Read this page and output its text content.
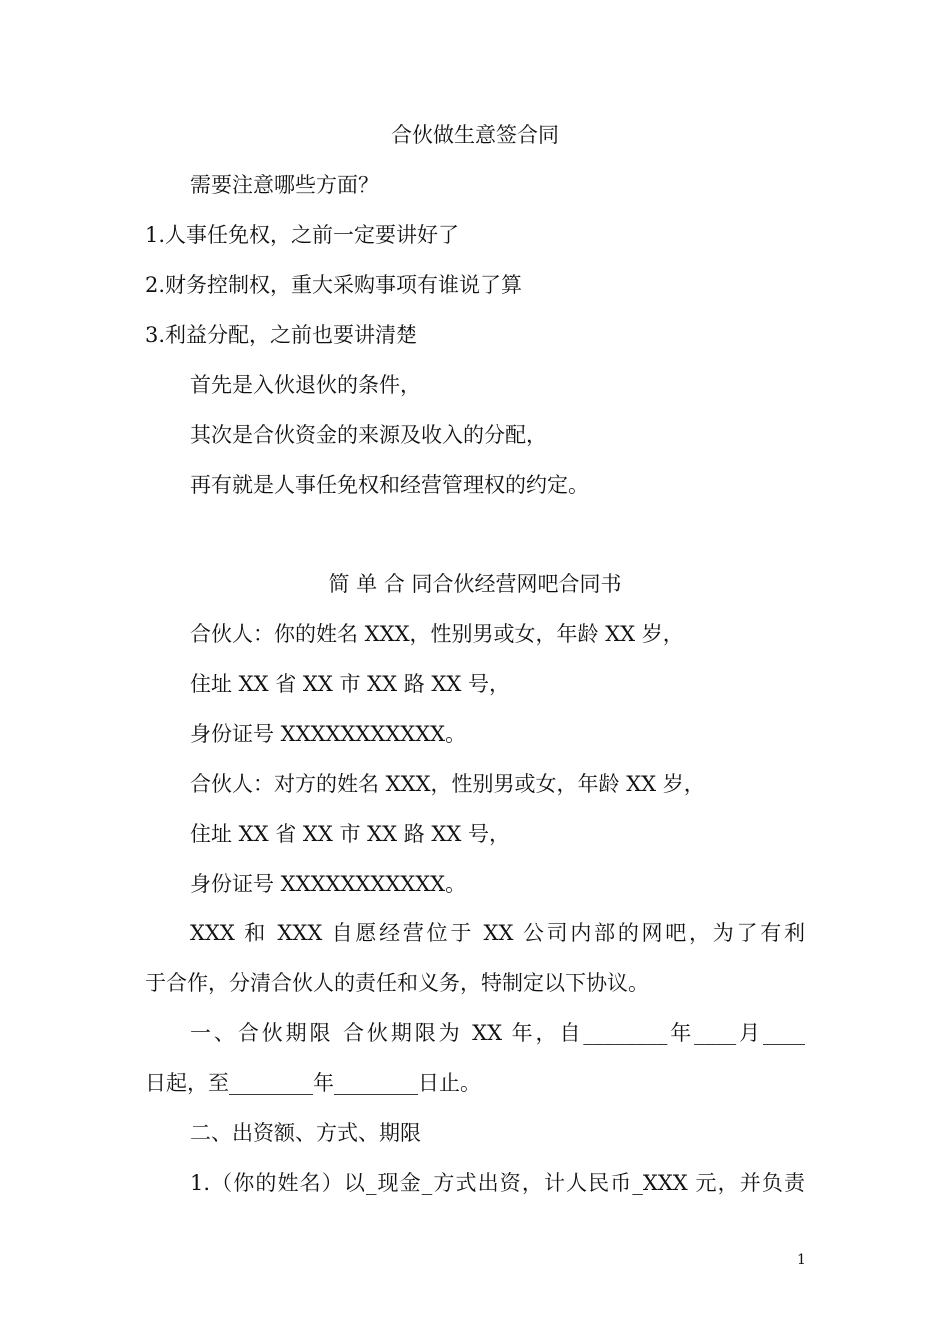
合伙做生意签合同

需要注意哪些方面？

1.人事任免权，之前一定要讲好了

2.财务控制权，重大采购事项有谁说了算

3.利益分配，之前也要讲清楚

首先是入伙退伙的条件，

其次是合伙资金的来源及收入的分配，

再有就是人事任免权和经营管理权的约定。

简 单 合 同合伙经营网吧合同书

合伙人：你的姓名 XXX，性别男或女，年龄 XX 岁，

住址 XX 省 XX 市 XX 路 XX 号，

身份证号 XXXXXXXXXXX。

合伙人：对方的姓名 XXX，性别男或女，年龄 XX 岁，

住址 XX 省 XX 市 XX 路 XX 号，

身份证号 XXXXXXXXXXX。

XXX 和 XXX 自愿经营位于 XX 公司内部的网吧，为了有利

于合作，分清合伙人的责任和义务，特制定以下协议。

一、合伙期限 合伙期限为 XX 年，自________年____月____

日起，至________年________日止。

二、出资额、方式、期限

1.（你的姓名）以_现金_方式出资，计人民币_XXX 元，并负责

1
